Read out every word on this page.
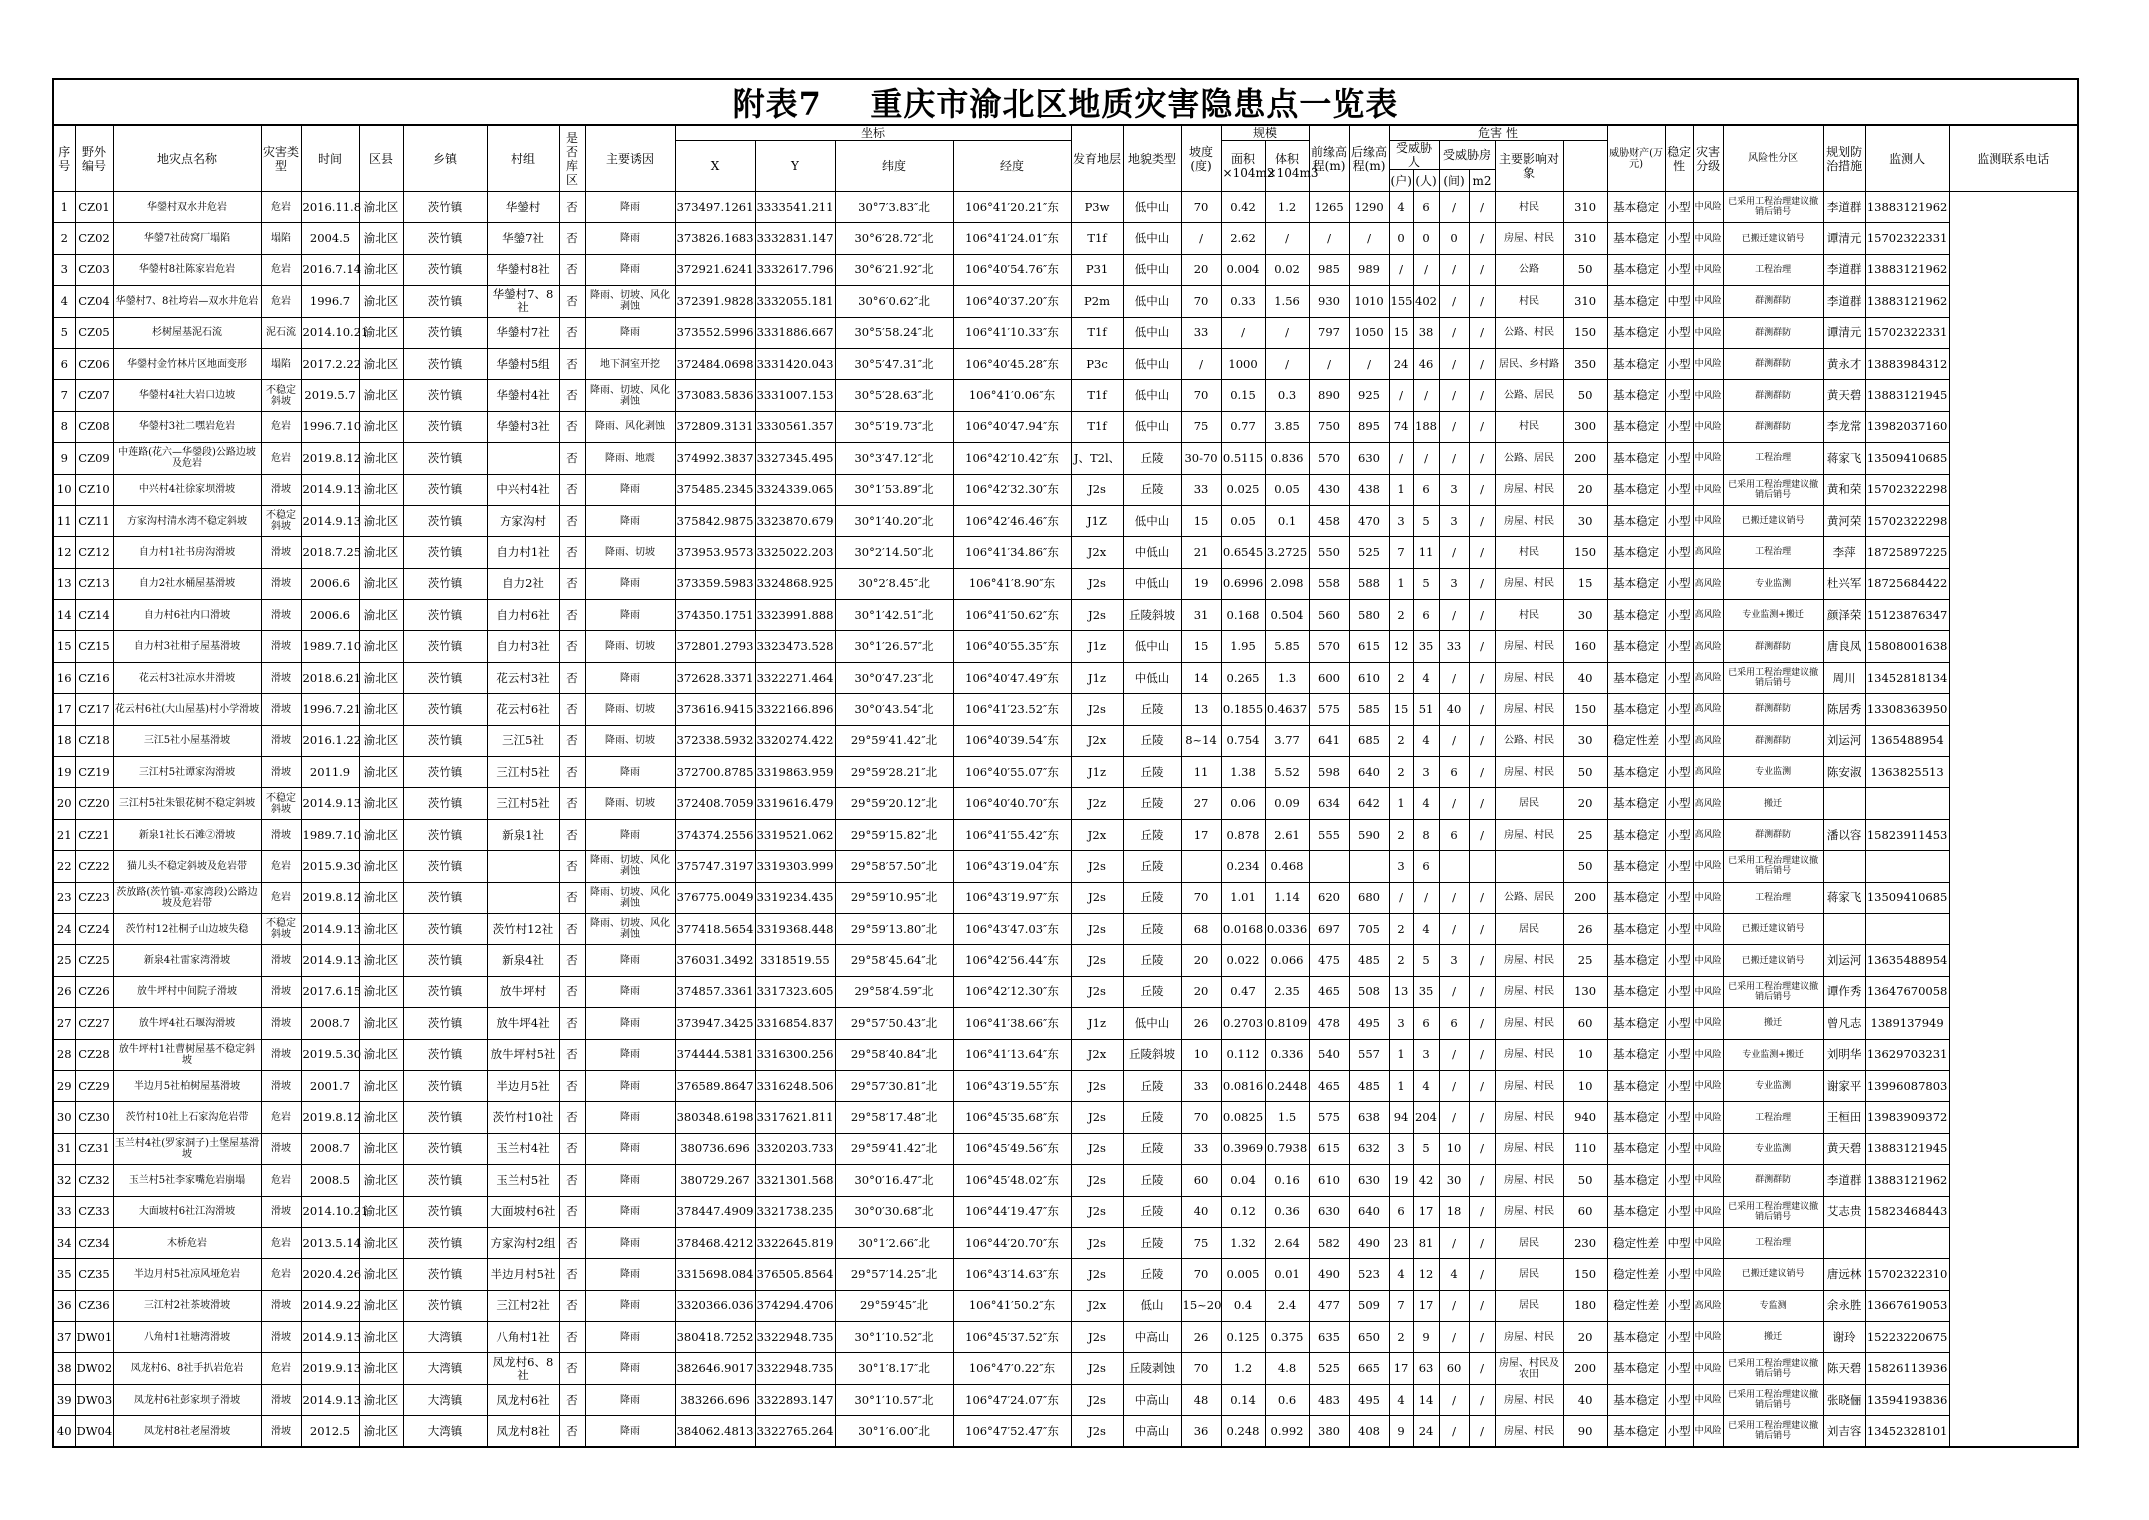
附表7    重庆市渝北区地质灾害隐患点一览表
序号	野外编号	地灾点名称	灾害类型	时间	区县	乡镇	村组	是否库区	主要诱因	坐标				发育地层	地貌类型	坡度(度)	规模		前缘高程(m)	后缘高程(m)	危害 性						威胁财产(万元)	稳定性	灾害分级	风险性分区	规划防治措施	监测人	监测联系电话
										X	Y	纬度	经度				面积×104m2	体积×104m3			受威胁人		受威胁房		主要影响对象								
																					(户)	(人)	(间)	m2									
1	CZ01	华鎣村双水井危岩	危岩	2016.11.8	渝北区	茨竹镇	华鎣村	否	降雨	373497.1261	3333541.211	30°7′3.83″北	106°41′20.21″东	P3w	低中山	70	0.42	1.2	1265	1290	4	6	/	/	村民	310	基本稳定	小型	中风险	已采用工程治理建议撤销后销号	李道群	13883121962	
2	CZ02	华鎣7社砖窝厂塌陷	塌陷	2004.5	渝北区	茨竹镇	华鎣7社	否	降雨	373826.1683	3332831.147	30°6′28.72″北	106°41′24.01″东	T1f	低中山	/	2.62	/	/	/	0	0	0	/	房屋、村民	310	基本稳定	小型	中风险	已搬迁建议销号	谭清元	15702322331	
3	CZ03	华鎣村8社陈家岩危岩	危岩	2016.7.14	渝北区	茨竹镇	华鎣村8社	否	降雨	372921.6241	3332617.796	30°6′21.92″北	106°40′54.76″东	P31	低中山	20	0.004	0.02	985	989	/	/	/	/	公路	50	基本稳定	小型	中风险	工程治理	李道群	13883121962	
4	CZ04	华鎣村7、8社垮岩—双水井危岩	危岩	1996.7	渝北区	茨竹镇	华鎣村7、8社	否	降雨、切坡、风化剥蚀	372391.9828	3332055.181	30°6′0.62″北	106°40′37.20″东	P2m	低中山	70	0.33	1.56	930	1010	155	402	/	/	村民	310	基本稳定	中型	中风险	群测群防	李道群	13883121962	
5	CZ05	杉树屋基泥石流	泥石流	2014.10.21	渝北区	茨竹镇	华鎣村7社	否	降雨	373552.5996	3331886.667	30°5′58.24″北	106°41′10.33″东	T1f	低中山	33	/	/	797	1050	15	38	/	/	公路、村民	150	基本稳定	小型	中风险	群测群防	谭清元	15702322331	
6	CZ06	华鎣村金竹林片区地面变形	塌陷	2017.2.22	渝北区	茨竹镇	华鎣村5组	否	地下洞室开挖	372484.0698	3331420.043	30°5′47.31″北	106°40′45.28″东	P3c	低中山	/	1000	/	/	/	24	46	/	/	居民、乡村路	350	基本稳定	小型	中风险	群测群防	黄永才	13883984312	
7	CZ07	华鎣村4社大岩口边坡	不稳定斜坡	2019.5.7	渝北区	茨竹镇	华鎣村4社	否	降雨、切坡、风化剥蚀	373083.5836	3331007.153	30°5′28.63″北	106°41′0.06″东	T1f	低中山	70	0.15	0.3	890	925	/	/	/	/	公路、居民	50	基本稳定	小型	中风险	群测群防	黄天碧	13883121945	
8	CZ08	华鎣村3社二嘿岩危岩	危岩	1996.7.10	渝北区	茨竹镇	华鎣村3社	否	降雨、风化剥蚀	372809.3131	3330561.357	30°5′19.73″北	106°40′47.94″东	T1f	低中山	75	0.77	3.85	750	895	74	188	/	/	村民	300	基本稳定	小型	中风险	群测群防	李龙常	13982037160	
9	CZ09	中莲路(花六—华鎣段)公路边坡及危岩	危岩	2019.8.12	渝北区	茨竹镇		否	降雨、地震	374992.3837	3327345.495	30°3′47.12″北	106°42′10.42″东	J、T2l、	丘陵	30-70	0.5115	0.836	570	630	/	/	/	/	公路、居民	200	基本稳定	小型	中风险	工程治理	蒋家飞	13509410685	
10	CZ10	中兴村4社徐家坝滑坡	滑坡	2014.9.13	渝北区	茨竹镇	中兴村4社	否	降雨	375485.2345	3324339.065	30°1′53.89″北	106°42′32.30″东	J2s	丘陵	33	0.025	0.05	430	438	1	6	3	/	房屋、村民	20	基本稳定	小型	中风险	已采用工程治理建议撤销后销号	黄和荣	15702322298	
11	CZ11	方家沟村清水湾不稳定斜坡	不稳定斜坡	2014.9.13	渝北区	茨竹镇	方家沟村	否	降雨	375842.9875	3323870.679	30°1′40.20″北	106°42′46.46″东	J1Z	低中山	15	0.05	0.1	458	470	3	5	3	/	房屋、村民	30	基本稳定	小型	中风险	已搬迁建议销号	黄河荣	15702322298	
12	CZ12	自力村1社书房沟滑坡	滑坡	2018.7.25	渝北区	茨竹镇	自力村1社	否	降雨、切坡	373953.9573	3325022.203	30°2′14.50″北	106°41′34.86″东	J2x	中低山	21	0.6545	3.2725	550	525	7	11	/	/	村民	150	基本稳定	小型	高风险	工程治理	李萍	18725897225	
13	CZ13	自力2社水桶屋基滑坡	滑坡	2006.6	渝北区	茨竹镇	自力2社	否	降雨	373359.5983	3324868.925	30°2′8.45″北	106°41′8.90″东	J2s	中低山	19	0.6996	2.098	558	588	1	5	3	/	房屋、村民	15	基本稳定	小型	高风险	专业监测	杜兴军	18725684422	
14	CZ14	自力村6社内口滑坡	滑坡	2006.6	渝北区	茨竹镇	自力村6社	否	降雨	374350.1751	3323991.888	30°1′42.51″北	106°41′50.62″东	J2s	丘陵斜坡	31	0.168	0.504	560	580	2	6	/	/	村民	30	基本稳定	小型	高风险	专业监测+搬迁	颜泽荣	15123876347	
15	CZ15	自力村3社柑子屋基滑坡	滑坡	1989.7.10	渝北区	茨竹镇	自力村3社	否	降雨、切坡	372801.2793	3323473.528	30°1′26.57″北	106°40′55.35″东	J1z	低中山	15	1.95	5.85	570	615	12	35	33	/	房屋、村民	160	基本稳定	小型	高风险	群测群防	唐良凤	15808001638	
16	CZ16	花云村3社凉水井滑坡	滑坡	2018.6.21	渝北区	茨竹镇	花云村3社	否	降雨	372628.3371	3322271.464	30°0′47.23″北	106°40′47.49″东	J1z	中低山	14	0.265	1.3	600	610	2	4	/	/	房屋、村民	40	基本稳定	小型	高风险	已采用工程治理建议撤销后销号	周川	13452818134	
17	CZ17	花云村6社(大山屋基)村小学滑坡	滑坡	1996.7.21	渝北区	茨竹镇	花云村6社	否	降雨、切坡	373616.9415	3322166.896	30°0′43.54″北	106°41′23.52″东	J2s	丘陵	13	0.1855	0.4637	575	585	15	51	40	/	房屋、村民	150	基本稳定	小型	高风险	群测群防	陈居秀	13308363950	
18	CZ18	三江5社小屋基滑坡	滑坡	2016.1.22	渝北区	茨竹镇	三江5社	否	降雨、切坡	372338.5932	3320274.422	29°59′41.42″北	106°40′39.54″东	J2x	丘陵	8~14	0.754	3.77	641	685	2	4	/	/	公路、村民	30	稳定性差	小型	高风险	群测群防	刘运河	1365488954	
19	CZ19	三江村5社谭家沟滑坡	滑坡	2011.9	渝北区	茨竹镇	三江村5社	否	降雨	372700.8785	3319863.959	29°59′28.21″北	106°40′55.07″东	J1z	丘陵	11	1.38	5.52	598	640	2	3	6	/	房屋、村民	50	基本稳定	小型	高风险	专业监测	陈安淑	1363825513	
20	CZ20	三江村5社朱银花树不稳定斜坡	不稳定斜坡	2014.9.13	渝北区	茨竹镇	三江村5社	否	降雨、切坡	372408.7059	3319616.479	29°59′20.12″北	106°40′40.70″东	J2z	丘陵	27	0.06	0.09	634	642	1	4	/	/	居民	20	基本稳定	小型	高风险	搬迁			
21	CZ21	新泉1社长石滩②滑坡	滑坡	1989.7.10	渝北区	茨竹镇	新泉1社	否	降雨	374374.2556	3319521.062	29°59′15.82″北	106°41′55.42″东	J2x	丘陵	17	0.878	2.61	555	590	2	8	6	/	房屋、村民	25	基本稳定	小型	高风险	群测群防	潘以容	15823911453	
22	CZ22	猫儿头不稳定斜坡及危岩带	危岩	2015.9.30	渝北区	茨竹镇		否	降雨、切坡、风化剥蚀	375747.3197	3319303.999	29°58′57.50″北	106°43′19.04″东	J2s	丘陵		0.234	0.468			3	6				50	基本稳定	小型	中风险	已采用工程治理建议撤销后销号			
23	CZ23	茨放路(茨竹镇-邓家湾段)公路边坡及危岩带	危岩	2019.8.12	渝北区	茨竹镇		否	降雨、切坡、风化剥蚀	376775.0049	3319234.435	29°59′10.95″北	106°43′19.97″东	J2s	丘陵	70	1.01	1.14	620	680	/	/	/	/	公路、居民	200	基本稳定	小型	中风险	工程治理	蒋家飞	13509410685	
24	CZ24	茨竹村12社桐子山边坡失稳	不稳定斜坡	2014.9.13	渝北区	茨竹镇	茨竹村12社	否	降雨、切坡、风化剥蚀	377418.5654	3319368.448	29°59′13.80″北	106°43′47.03″东	J2s	丘陵	68	0.0168	0.0336	697	705	2	4	/	/	居民	26	基本稳定	小型	中风险	已搬迁建议销号			
25	CZ25	新泉4社雷家湾滑坡	滑坡	2014.9.13	渝北区	茨竹镇	新泉4社	否	降雨	376031.3492	3318519.55	29°58′45.64″北	106°42′56.44″东	J2s	丘陵	20	0.022	0.066	475	485	2	5	3	/	房屋、村民	25	基本稳定	小型	中风险	已搬迁建议销号	刘运河	13635488954	
26	CZ26	放牛坪村中间院子滑坡	滑坡	2017.6.15	渝北区	茨竹镇	放牛坪村	否	降雨	374857.3361	3317323.605	29°58′4.59″北	106°42′12.30″东	J2s	丘陵	20	0.47	2.35	465	508	13	35	/	/	房屋、村民	130	基本稳定	小型	中风险	已采用工程治理建议撤销后销号	谭作秀	13647670058	
27	CZ27	放牛坪4社石堰沟滑坡	滑坡	2008.7	渝北区	茨竹镇	放牛坪4社	否	降雨	373947.3425	3316854.837	29°57′50.43″北	106°41′38.66″东	J1z	低中山	26	0.2703	0.8109	478	495	3	6	6	/	房屋、村民	60	基本稳定	小型	中风险	搬迁	曾凡志	1389137949	
28	CZ28	放牛坪村1社曹树屋基不稳定斜坡	滑坡	2019.5.30	渝北区	茨竹镇	放牛坪村5社	否	降雨	374444.5381	3316300.256	29°58′40.84″北	106°41′13.64″东	J2x	丘陵斜坡	10	0.112	0.336	540	557	1	3	/	/	房屋、村民	10	基本稳定	小型	中风险	专业监测+搬迁	刘明华	13629703231	
29	CZ29	半边月5社柏树屋基滑坡	滑坡	2001.7	渝北区	茨竹镇	半边月5社	否	降雨	376589.8647	3316248.506	29°57′30.81″北	106°43′19.55″东	J2s	丘陵	33	0.0816	0.2448	465	485	1	4	/	/	房屋、村民	10	基本稳定	小型	中风险	专业监测	谢家平	13996087803	
30	CZ30	茨竹村10社上石家沟危岩带	危岩	2019.8.12	渝北区	茨竹镇	茨竹村10社	否	降雨	380348.6198	3317621.811	29°58′17.48″北	106°45′35.68″东	J2s	丘陵	70	0.0825	1.5	575	638	94	204	/	/	房屋、村民	940	基本稳定	小型	中风险	工程治理	王桓田	13983909372	
31	CZ31	玉兰村4社(罗家洞子)土堡屋基滑坡	滑坡	2008.7	渝北区	茨竹镇	玉兰村4社	否	降雨	380736.696	3320203.733	29°59′41.42″北	106°45′49.56″东	J2s	丘陵	33	0.3969	0.7938	615	632	3	5	10	/	房屋、村民	110	基本稳定	小型	中风险	专业监测	黄天碧	13883121945	
32	CZ32	玉兰村5社李家嘴危岩崩塌	危岩	2008.5	渝北区	茨竹镇	玉兰村5社	否	降雨	380729.267	3321301.568	30°0′16.47″北	106°45′48.02″东	J2s	丘陵	60	0.04	0.16	610	630	19	42	30	/	房屋、村民	50	基本稳定	小型	中风险	群测群防	李道群	13883121962	
33	CZ33	大面坡村6社江沟滑坡	滑坡	2014.10.21	渝北区	茨竹镇	大面坡村6社	否	降雨	378447.4909	3321738.235	30°0′30.68″北	106°44′19.47″东	J2s	丘陵	40	0.12	0.36	630	640	6	17	18	/	房屋、村民	60	基本稳定	小型	中风险	已采用工程治理建议撤销后销号	艾志贵	15823468443	
34	CZ34	木桥危岩	危岩	2013.5.14	渝北区	茨竹镇	方家沟村2组	否	降雨	378468.4212	3322645.819	30°1′2.66″北	106°44′20.70″东	J2s	丘陵	75	1.32	2.64	582	490	23	81	/	/	居民	230	稳定性差	中型	中风险	工程治理			
35	CZ35	半边月村5社凉风垭危岩	危岩	2020.4.26	渝北区	茨竹镇	半边月村5社	否	降雨	3315698.084	376505.8564	29°57′14.25″北	106°43′14.63″东	J2s	丘陵	70	0.005	0.01	490	523	4	12	4	/	居民	150	稳定性差	小型	中风险	已搬迁建议销号	唐远林	15702322310	
36	CZ36	三江村2社茶坡滑坡	滑坡	2014.9.22	渝北区	茨竹镇	三江村2社	否	降雨	3320366.036	374294.4706	29°59′45″北	106°41′50.2″东	J2x	低山	15~20	0.4	2.4	477	509	7	17	/	/	居民	180	稳定性差	小型	高风险	专监测	余永胜	13667619053	
37	DW01	八角村1社塘湾滑坡	滑坡	2014.9.13	渝北区	大湾镇	八角村1社	否	降雨	380418.7252	3322948.735	30°1′10.52″北	106°45′37.52″东	J2s	中高山	26	0.125	0.375	635	650	2	9	/	/	房屋、村民	20	基本稳定	小型	中风险	搬迁	谢玲	15223220675	
38	DW02	凤龙村6、8社手扒岩危岩	危岩	2019.9.13	渝北区	大湾镇	凤龙村6、8社	否	降雨	382646.9017	3322948.735	30°1′8.17″北	106°47′0.22″东	J2s	丘陵剥蚀	70	1.2	4.8	525	665	17	63	60	/	房屋、村民及农田	200	基本稳定	小型	中风险	已采用工程治理建议撤销后销号	陈天碧	15826113936	
39	DW03	凤龙村6社彭家坝子滑坡	滑坡	2014.9.13	渝北区	大湾镇	凤龙村6社	否	降雨	383266.696	3322893.147	30°1′10.57″北	106°47′24.07″东	J2s	中高山	48	0.14	0.6	483	495	4	14	/	/	房屋、村民	40	基本稳定	小型	中风险	已采用工程治理建议撤销后销号	张晓俪	13594193836	
40	DW04	凤龙村8社老屋滑坡	滑坡	2012.5	渝北区	大湾镇	凤龙村8社	否	降雨	384062.4813	3322765.264	30°1′6.00″北	106°47′52.47″东	J2s	中高山	36	0.248	0.992	380	408	9	24	/	/	房屋、村民	90	基本稳定	小型	中风险	已采用工程治理建议撤销后销号	刘吉容	13452328101	
